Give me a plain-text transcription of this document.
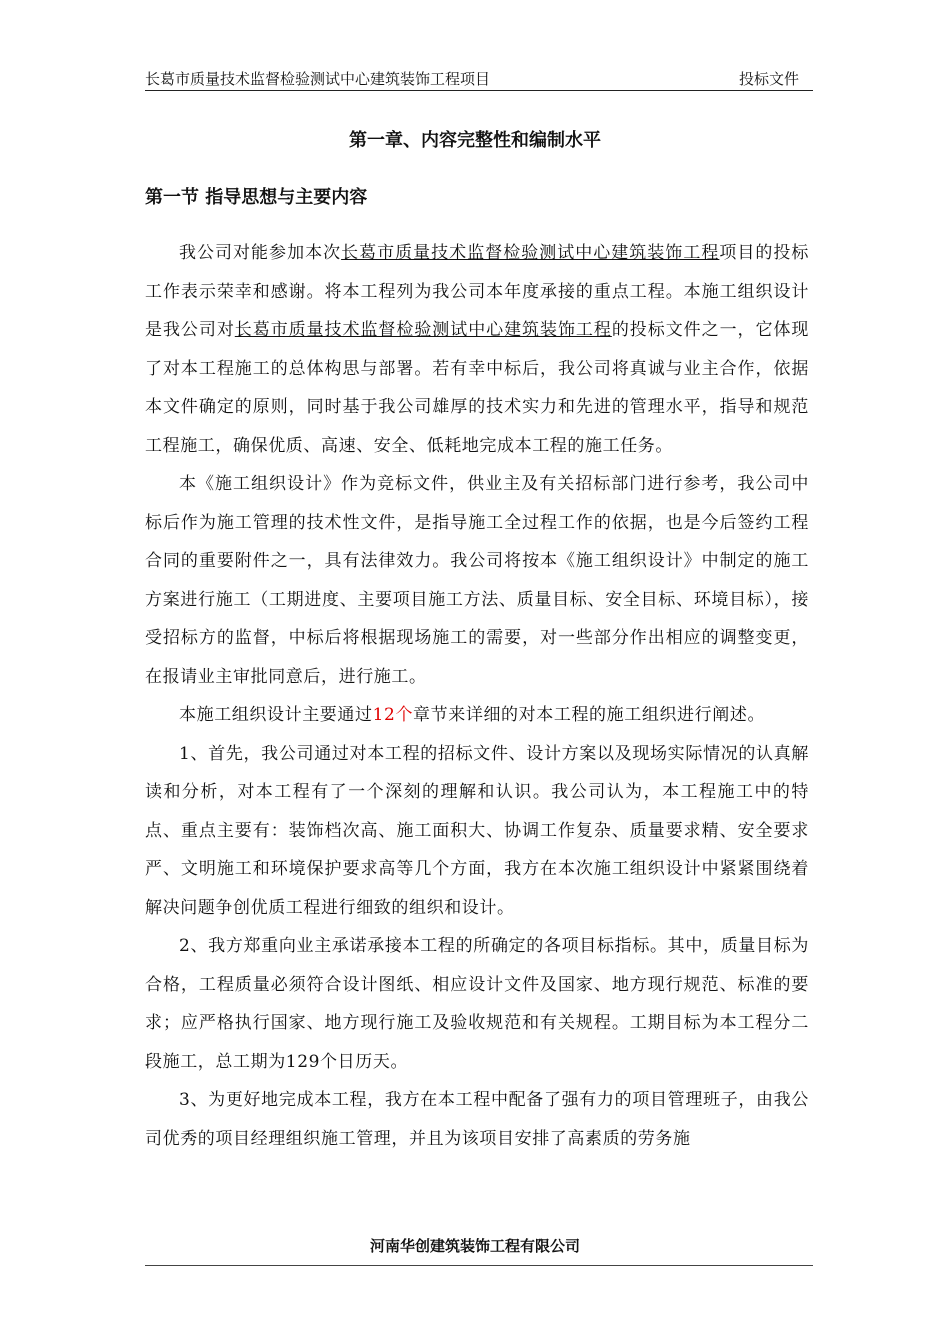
长葛市质量技术监督检验测试中心建筑装饰工程项目	投标文件
第一章、内容完整性和编制水平
第一节 指导思想与主要内容

我公司对能参加本次长葛市质量技术监督检验测试中心建筑装饰工程项目的投标工作表示荣幸和感谢。将本工程列为我公司本年度承接的重点工程。本施工组织设计是我公司对长葛市质量技术监督检验测试中心建筑装饰工程的投标文件之一，它体现了对本工程施工的总体构思与部署。若有幸中标后，我公司将真诚与业主合作，依据本文件确定的原则，同时基于我公司雄厚的技术实力和先进的管理水平，指导和规范工程施工，确保优质、高速、安全、低耗地完成本工程的施工任务。

本《施工组织设计》作为竞标文件，供业主及有关招标部门进行参考，我公司中标后作为施工管理的技术性文件，是指导施工全过程工作的依据，也是今后签约工程合同的重要附件之一，具有法律效力。我公司将按本《施工组织设计》中制定的施工方案进行施工（工期进度、主要项目施工方法、质量目标、安全目标、环境目标），接受招标方的监督，中标后将根据现场施工的需要，对一些部分作出相应的调整变更，在报请业主审批同意后，进行施工。

本施工组织设计主要通过12个章节来详细的对本工程的施工组织进行阐述。

1、首先，我公司通过对本工程的招标文件、设计方案以及现场实际情况的认真解读和分析，对本工程有了一个深刻的理解和认识。我公司认为，本工程施工中的特点、重点主要有：装饰档次高、施工面积大、协调工作复杂、质量要求精、安全要求严、文明施工和环境保护要求高等几个方面，我方在本次施工组织设计中紧紧围绕着解决问题争创优质工程进行细致的组织和设计。

2、我方郑重向业主承诺承接本工程的所确定的各项目标指标。其中，质量目标为合格，工程质量必须符合设计图纸、相应设计文件及国家、地方现行规范、标准的要求；应严格执行国家、地方现行施工及验收规范和有关规程。工期目标为本工程分二段施工，总工期为129个日历天。

3、为更好地完成本工程，我方在本工程中配备了强有力的项目管理班子，由我公司优秀的项目经理组织施工管理，并且为该项目安排了高素质的劳务施

河南华创建筑装饰工程有限公司
